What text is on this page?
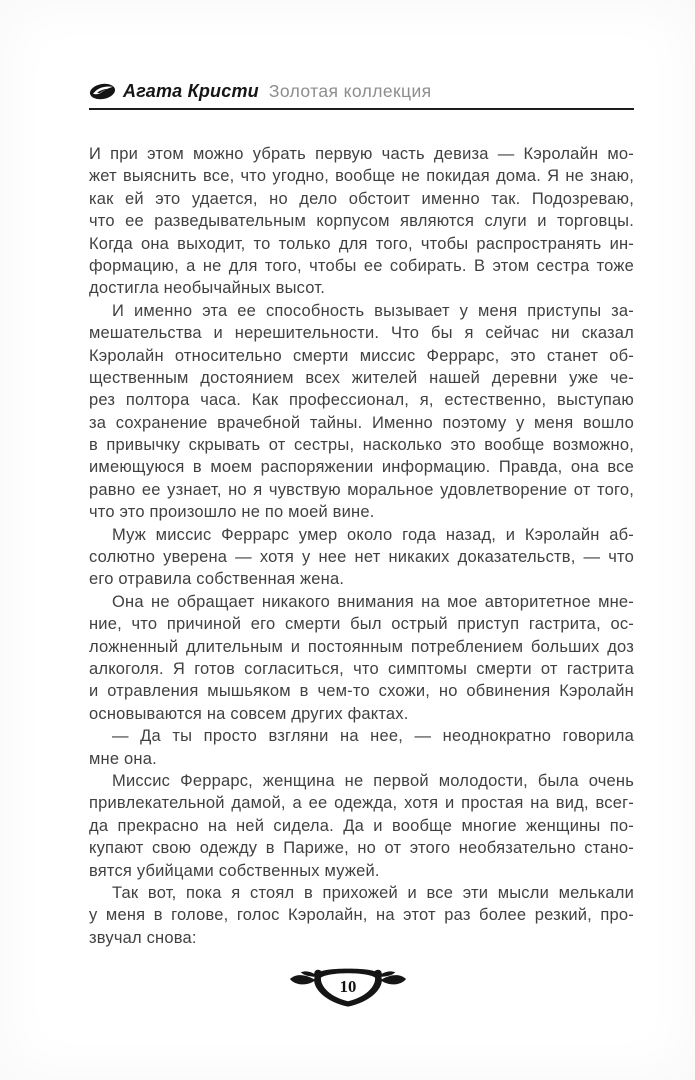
Агата Кристи Золотая коллекция
И при этом можно убрать первую часть девиза — Кэролайн мо-
жет выяснить все, что угодно, вообще не покидая дома. Я не знаю,
как ей это удается, но дело обстоит именно так. Подозреваю,
что ее разведывательным корпусом являются слуги и торговцы.
Когда она выходит, то только для того, чтобы распространять ин-
формацию, а не для того, чтобы ее собирать. В этом сестра тоже
достигла необычайных высот.
И именно эта ее способность вызывает у меня приступы за-
мешательства и нерешительности. Что бы я сейчас ни сказал
Кэролайн относительно смерти миссис Феррарс, это станет об-
щественным достоянием всех жителей нашей деревни уже че-
рез полтора часа. Как профессионал, я, естественно, выступаю
за сохранение врачебной тайны. Именно поэтому у меня вошло
в привычку скрывать от сестры, насколько это вообще возможно,
имеющуюся в моем распоряжении информацию. Правда, она все
равно ее узнает, но я чувствую моральное удовлетворение от того,
что это произошло не по моей вине.
Муж миссис Феррарс умер около года назад, и Кэролайн аб-
солютно уверена — хотя у нее нет никаких доказательств, — что
его отравила собственная жена.
Она не обращает никакого внимания на мое авторитетное мне-
ние, что причиной его смерти был острый приступ гастрита, ос-
ложненный длительным и постоянным потреблением больших доз
алкоголя. Я готов согласиться, что симптомы смерти от гастрита
и отравления мышьяком в чем-то схожи, но обвинения Кэролайн
основываются на совсем других фактах.
— Да ты просто взгляни на нее, — неоднократно говорила
мне она.
Миссис Феррарс, женщина не первой молодости, была очень
привлекательной дамой, а ее одежда, хотя и простая на вид, всег-
да прекрасно на ней сидела. Да и вообще многие женщины по-
купают свою одежду в Париже, но от этого необязательно стано-
вятся убийцами собственных мужей.
Так вот, пока я стоял в прихожей и все эти мысли мелькали
у меня в голове, голос Кэролайн, на этот раз более резкий, про-
звучал снова:
10
